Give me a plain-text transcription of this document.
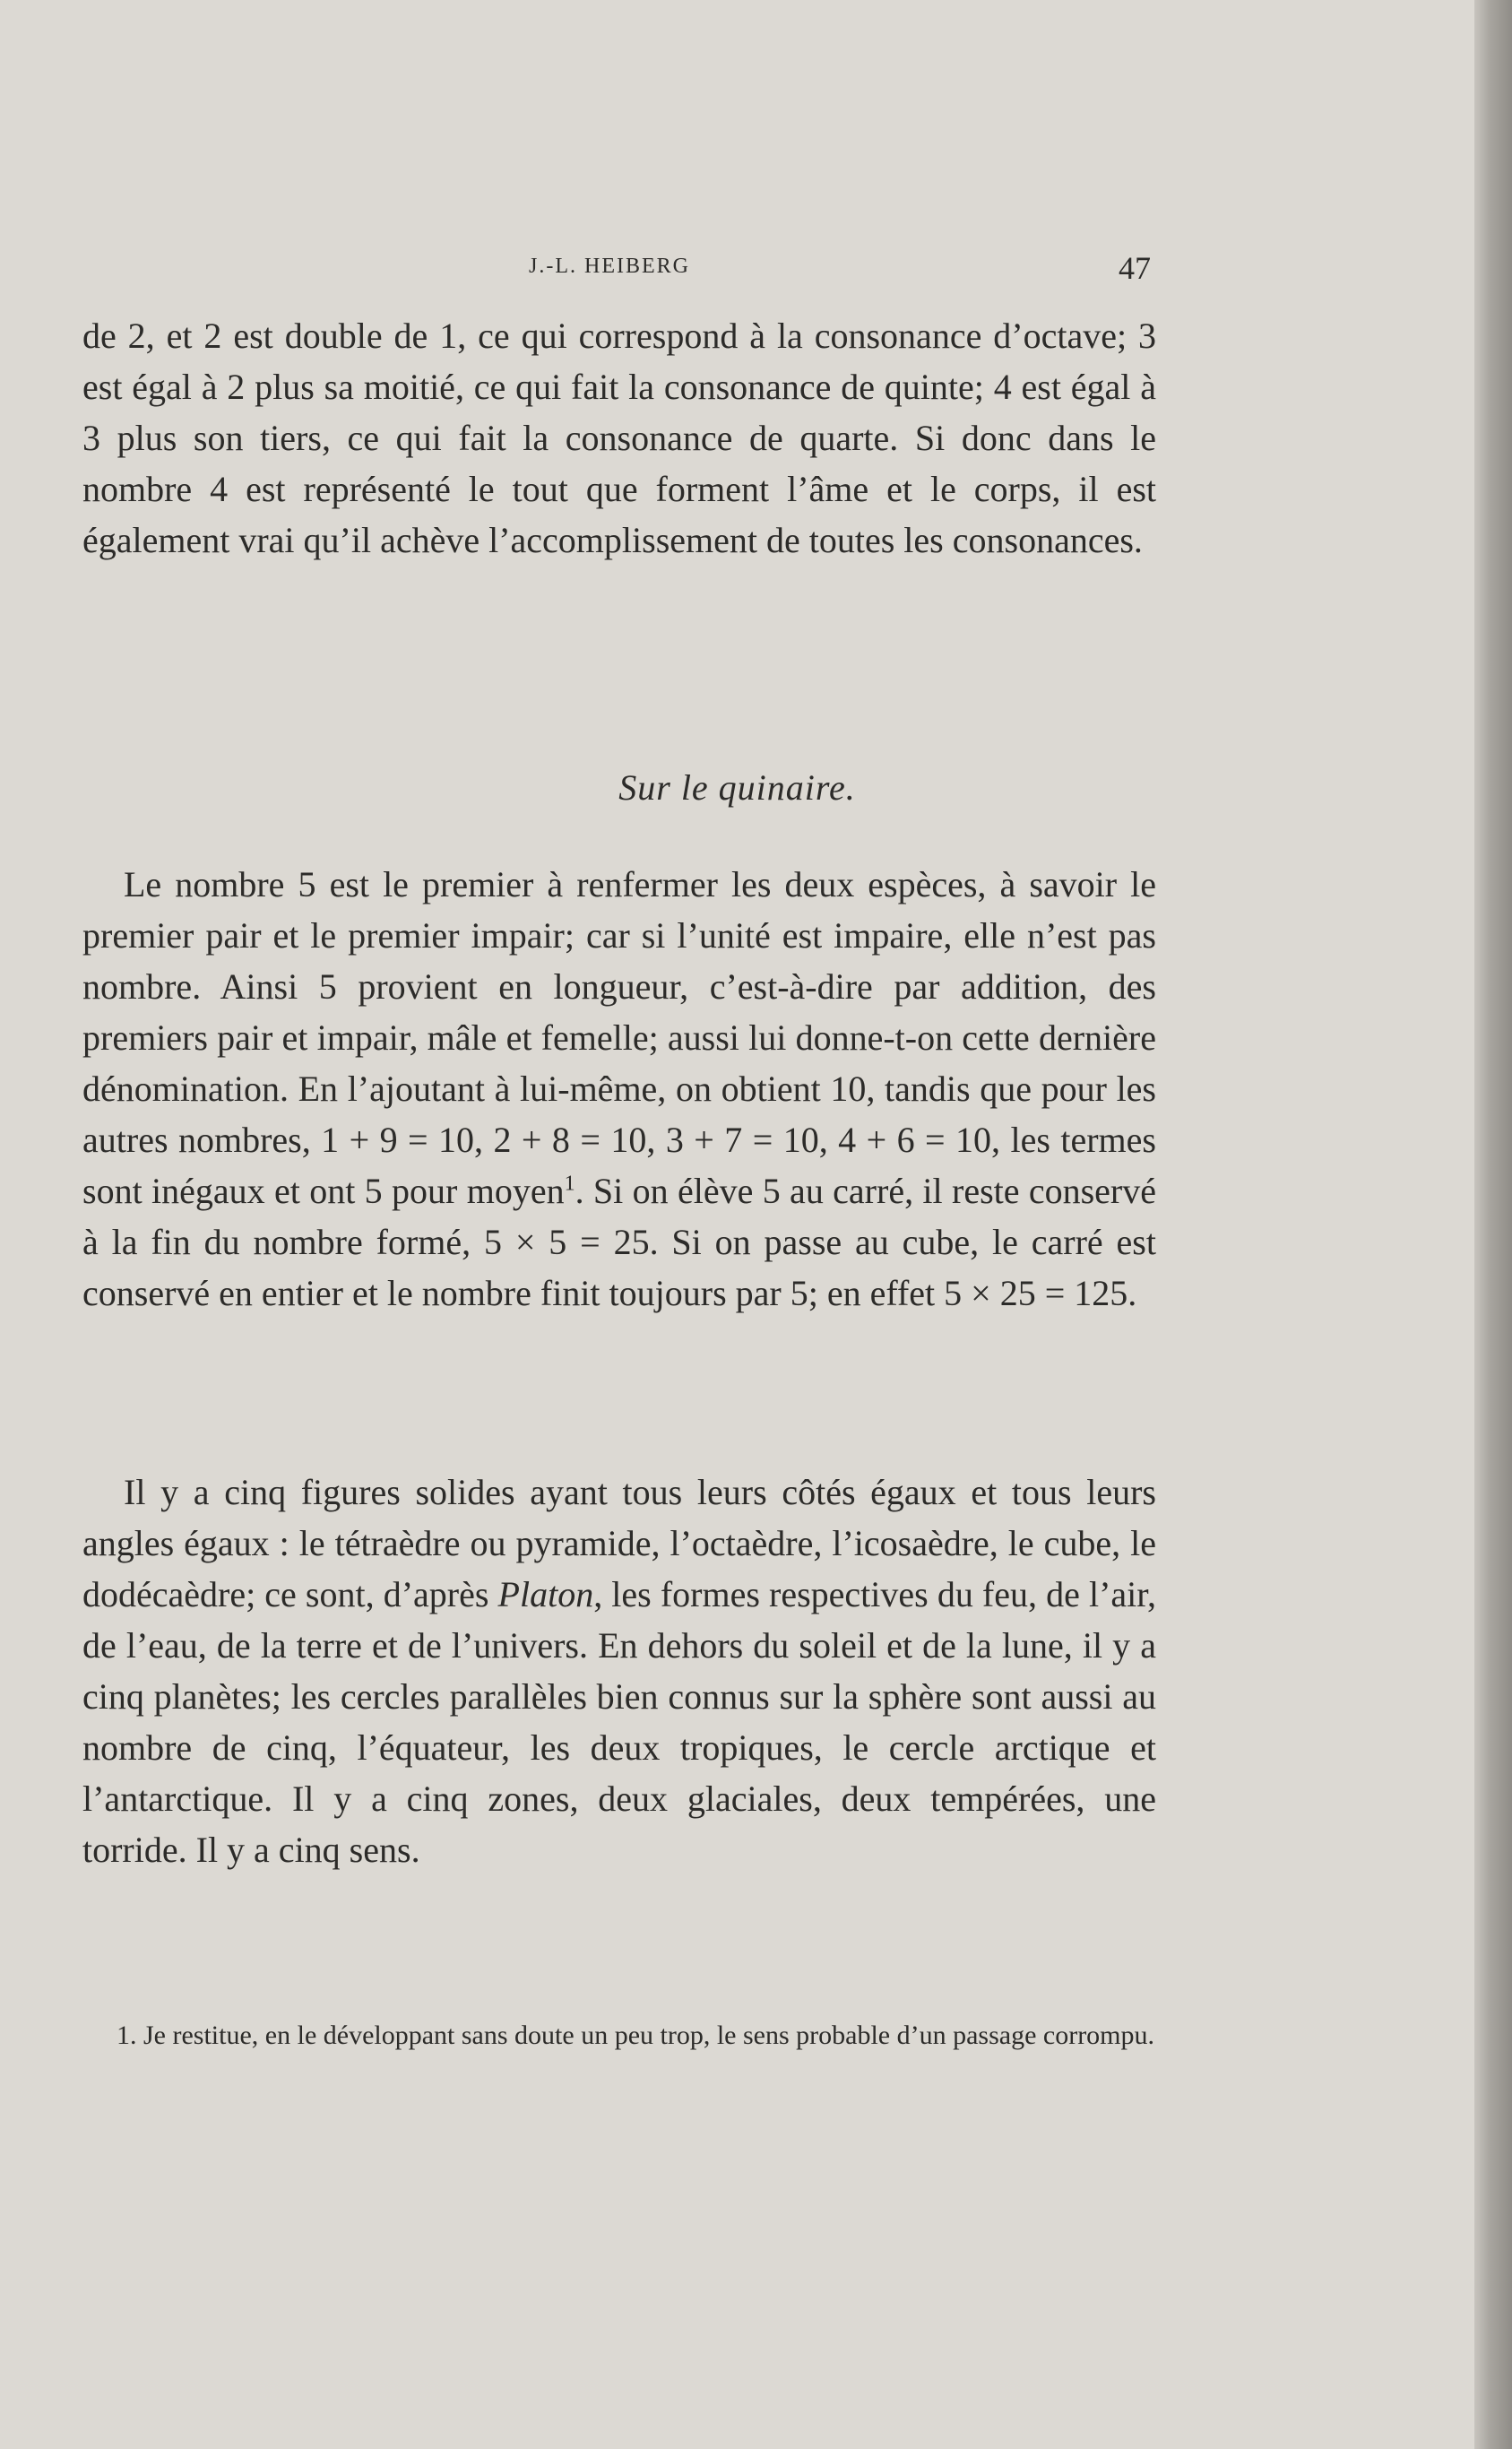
J.-L. HEIBERG	47

de 2, et 2 est double de 1, ce qui correspond à la consonance d’octave; 3 est égal à 2 plus sa moitié, ce qui fait la consonance de quinte; 4 est égal à 3 plus son tiers, ce qui fait la consonance de quarte. Si donc dans le nombre 4 est représenté le tout que forment l’âme et le corps, il est également vrai qu’il achève l’accomplissement de toutes les consonances.

Sur le quinaire.

Le nombre 5 est le premier à renfermer les deux espèces, à savoir le premier pair et le premier impair; car si l’unité est impaire, elle n’est pas nombre. Ainsi 5 provient en longueur, c’est-à-dire par addition, des premiers pair et impair, mâle et femelle; aussi lui donne-t-on cette dernière dénomination. En l’ajoutant à lui-même, on obtient 10, tandis que pour les autres nombres, 1 + 9 = 10, 2 + 8 = 10, 3 + 7 = 10, 4 + 6 = 10, les termes sont inégaux et ont 5 pour moyen$^1$. Si on élève 5 au carré, il reste conservé à la fin du nombre formé, 5 × 5 = 25. Si on passe au cube, le carré est conservé en entier et le nombre finit toujours par 5; en effet 5 × 25 = 125.

Il y a cinq figures solides ayant tous leurs côtés égaux et tous leurs angles égaux : le tétraèdre ou pyramide, l’octaèdre, l’icosaèdre, le cube, le dodécaèdre; ce sont, d’après Platon, les formes respectives du feu, de l’air, de l’eau, de la terre et de l’univers. En dehors du soleil et de la lune, il y a cinq planètes; les cercles parallèles bien connus sur la sphère sont aussi au nombre de cinq, l’équateur, les deux tropiques, le cercle arctique et l’antarctique. Il y a cinq zones, deux glaciales, deux tempérées, une torride. Il y a cinq sens.

1. Je restitue, en le développant sans doute un peu trop, le sens probable d’un passage corrompu.
